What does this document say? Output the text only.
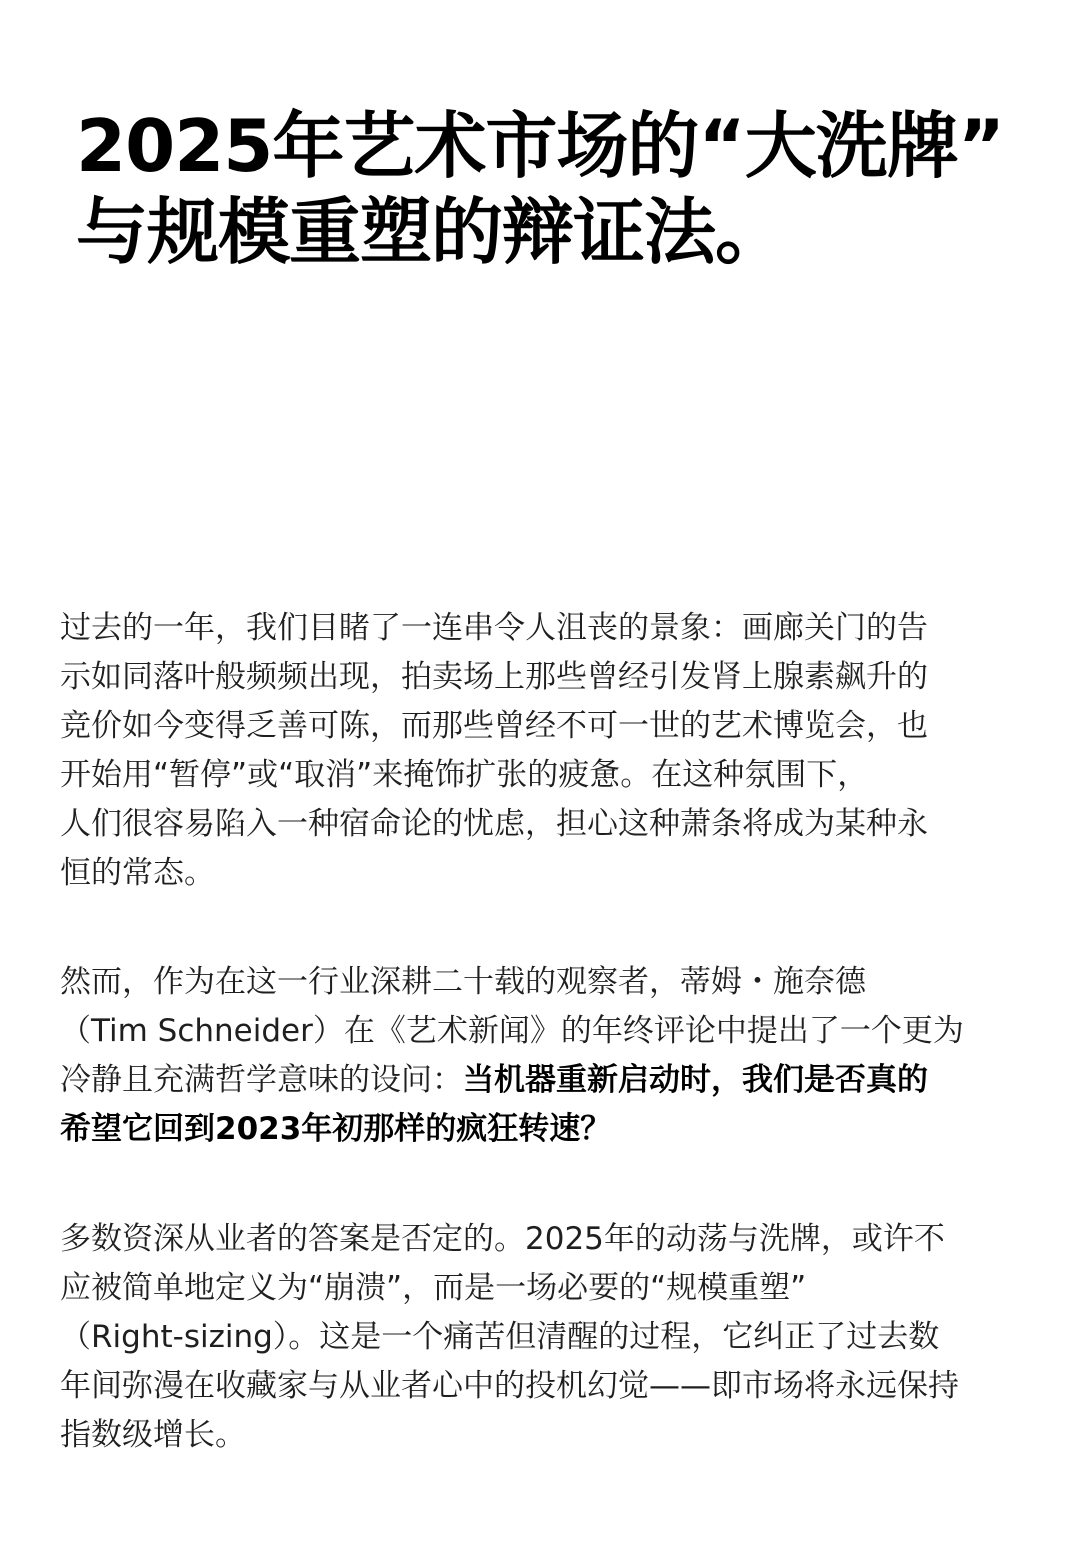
2025年艺术市场的“大洗牌”
与规模重塑的辩证法。

过去的一年，我们目睹了一连串令人沮丧的景象：画廊关门的告
示如同落叶般频频出现，拍卖场上那些曾经引发肾上腺素飙升的
竞价如今变得乏善可陈，而那些曾经不可一世的艺术博览会，也
开始用“暂停”或“取消”来掩饰扩张的疲惫。在这种氛围下，
人们很容易陷入一种宿命论的忧虑，担心这种萧条将成为某种永
恒的常态。

然而，作为在这一行业深耕二十载的观察者，蒂姆・施奈德
（Tim Schneider）在《艺术新闻》的年终评论中提出了一个更为
冷静且充满哲学意味的设问：当机器重新启动时，我们是否真的
希望它回到2023年初那样的疯狂转速？

多数资深从业者的答案是否定的。2025年的动荡与洗牌，或许不
应被简单地定义为“崩溃”，而是一场必要的“规模重塑”
（Right-sizing）。这是一个痛苦但清醒的过程，它纠正了过去数
年间弥漫在收藏家与从业者心中的投机幻觉——即市场将永远保持
指数级增长。
